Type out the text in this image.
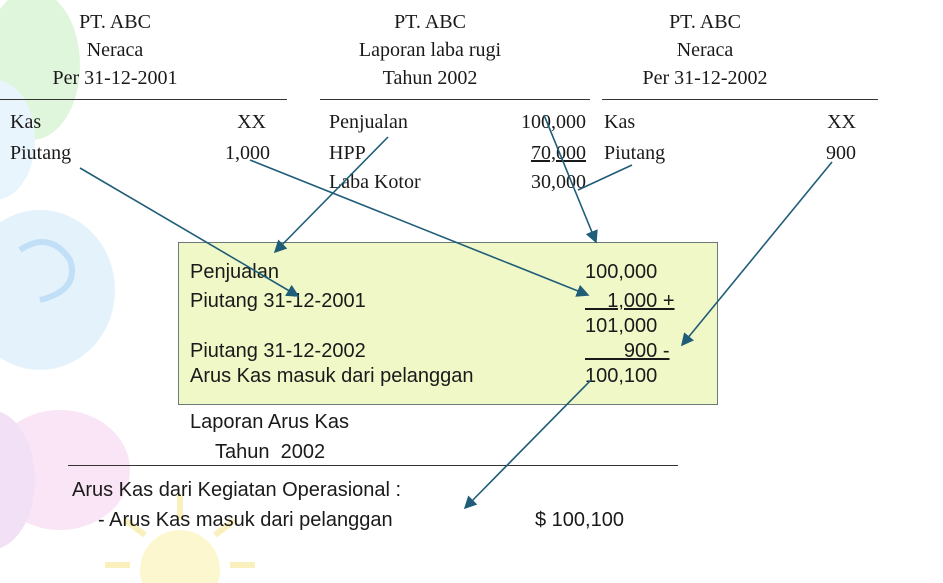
PT. ABC
Neraca
Per 31-12-2001
PT. ABC
Laporan laba rugi
Tahun 2002
PT. ABC
Neraca
Per 31-12-2002
Kas
Piutang
XX
1,000
Penjualan
HPP
Laba Kotor
100,000
70,000
30,000
Kas
Piutang
XX
900
Penjualan
Piutang 31-12-2001
Piutang 31-12-2002
Arus Kas masuk dari pelanggan
100,000
1,000 +
101,000
900 -
100,100
Laporan Arus Kas
Tahun  2002
Arus Kas dari Kegiatan Operasional :
- Arus Kas masuk dari pelanggan	$ 100,100
